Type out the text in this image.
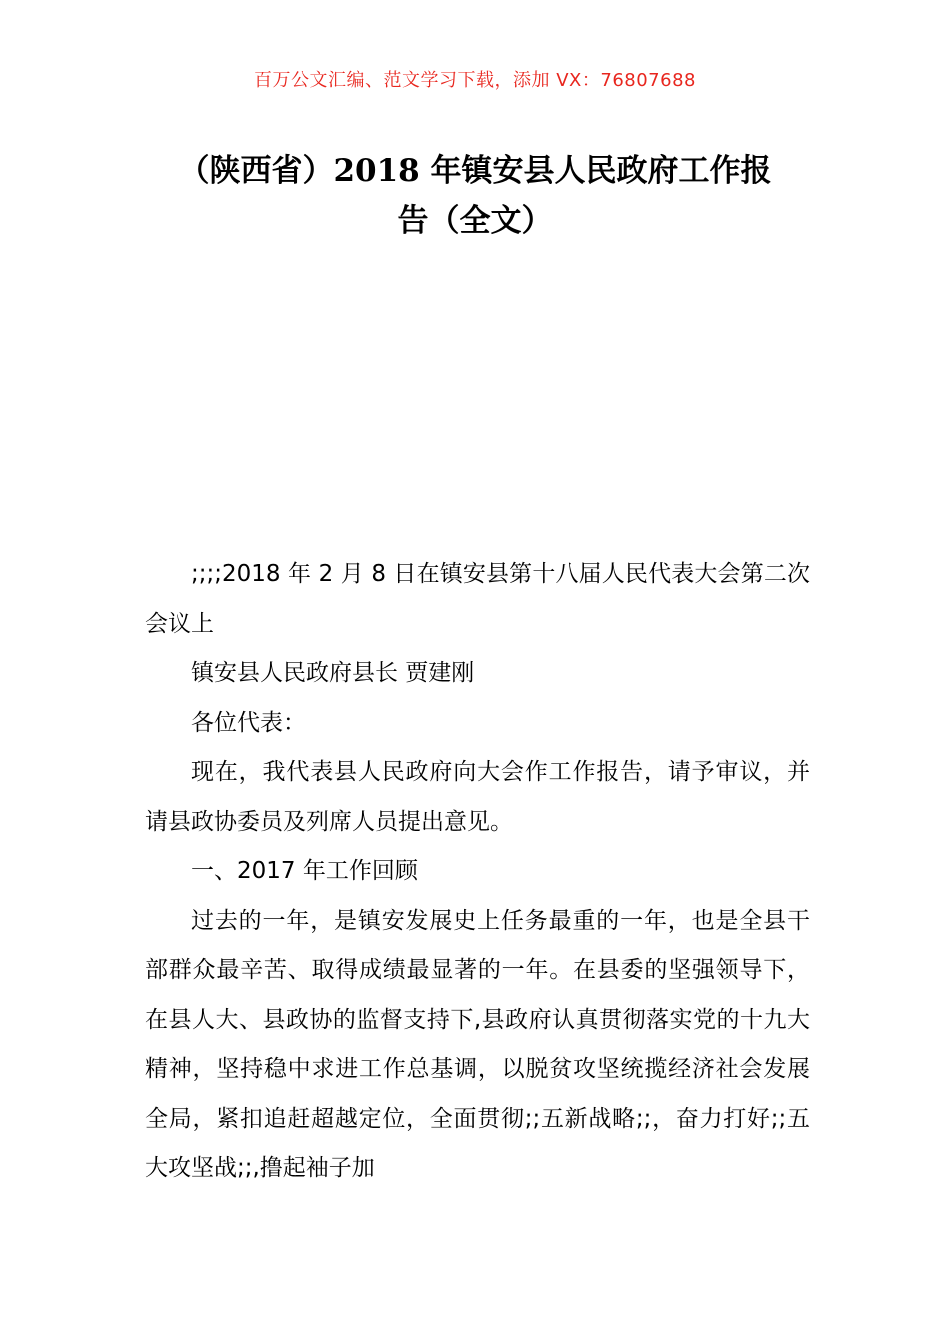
百万公文汇编、范文学习下载，添加 VX：76807688
（陕西省）2018 年镇安县人民政府工作报
告（全文）

;;;;2018 年 2 月 8 日在镇安县第十八届人民代表大会第二次会议上

镇安县人民政府县长 贾建刚

各位代表：

现在，我代表县人民政府向大会作工作报告，请予审议，并请县政协委员及列席人员提出意见。

一、2017 年工作回顾

过去的一年，是镇安发展史上任务最重的一年，也是全县干部群众最辛苦、取得成绩最显著的一年。在县委的坚强领导下，在县人大、县政协的监督支持下,县政府认真贯彻落实党的十九大精神，坚持稳中求进工作总基调，以脱贫攻坚统揽经济社会发展全局，紧扣追赶超越定位，全面贯彻;;五新战略;;，奋力打好;;五大攻坚战;;,撸起袖子加
